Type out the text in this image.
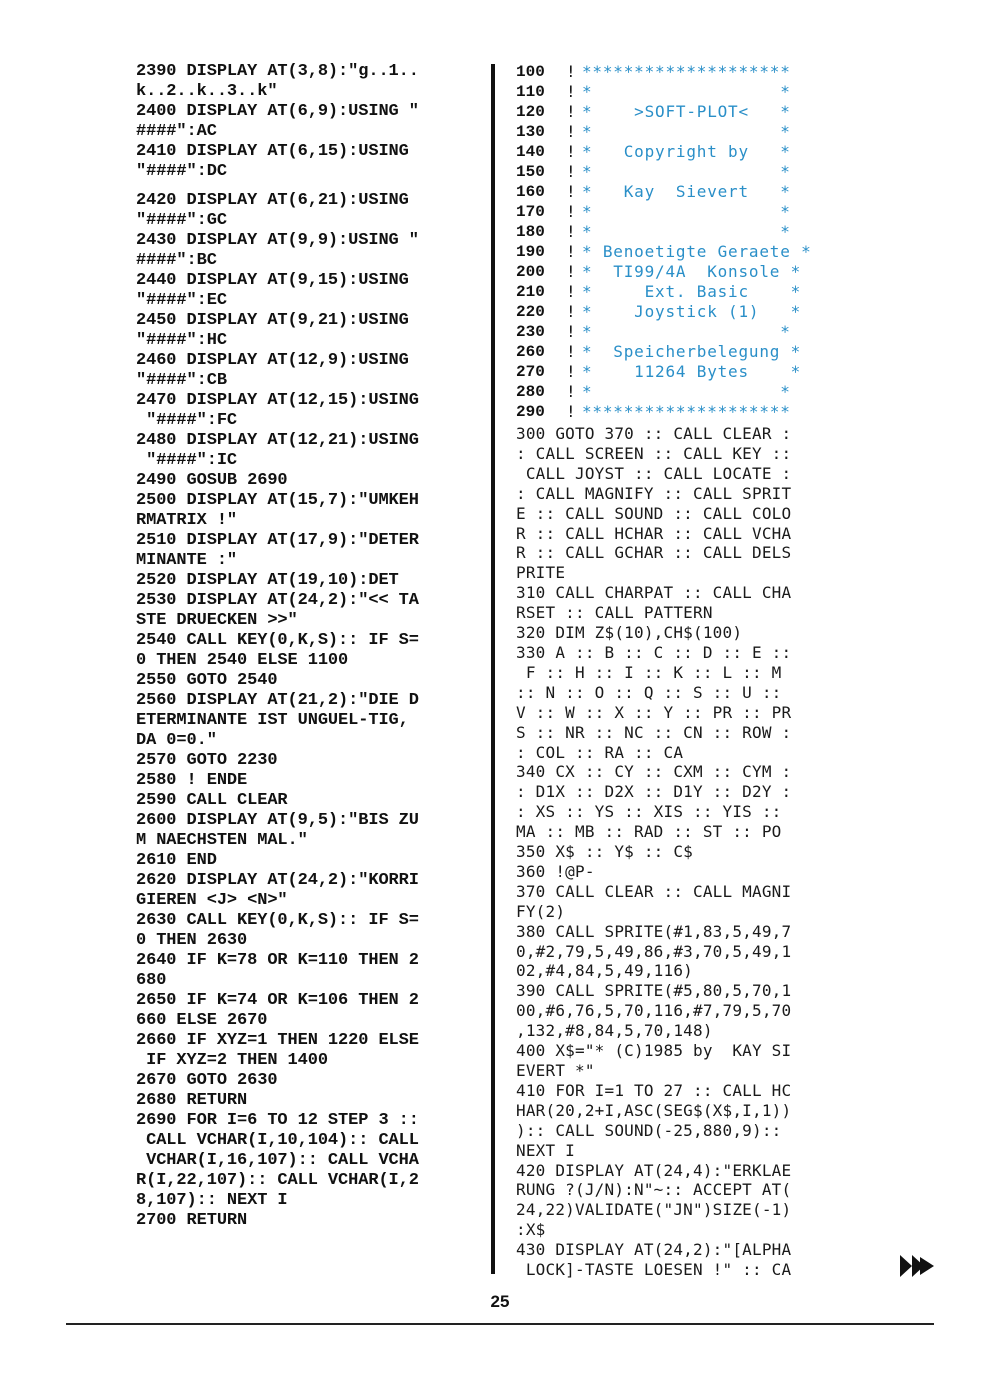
2390 DISPLAY AT(3,8):"g..1..
k..2..k..3..k"
2400 DISPLAY AT(6,9):USING "
####":AC
2410 DISPLAY AT(6,15):USING
"####":DC
2420 DISPLAY AT(6,21):USING
"####":GC
2430 DISPLAY AT(9,9):USING "
####":BC
2440 DISPLAY AT(9,15):USING
"####":EC
2450 DISPLAY AT(9,21):USING
"####":HC
2460 DISPLAY AT(12,9):USING
"####":CB
2470 DISPLAY AT(12,15):USING
"####":FC
2480 DISPLAY AT(12,21):USING
"####":IC
2490 GOSUB 2690
2500 DISPLAY AT(15,7):"UMKEH
RMATRIX !"
2510 DISPLAY AT(17,9):"DETER
MINANTE :"
2520 DISPLAY AT(19,10):DET
2530 DISPLAY AT(24,2):"<< TA
STE DRUECKEN >>"
2540 CALL KEY(0,K,S):: IF S=
0 THEN 2540 ELSE 1100
2550 GOTO 2540
2560 DISPLAY AT(21,2):"DIE D
ETERMINANTE IST UNGUEL-TIG,
DA 0=0."
2570 GOTO 2230
2580 ! ENDE
2590 CALL CLEAR
2600 DISPLAY AT(9,5):"BIS ZU
M NAECHSTEN MAL."
2610 END
2620 DISPLAY AT(24,2):"KORRI
GIEREN <J> <N>"
2630 CALL KEY(0,K,S):: IF S=
0 THEN 2630
2640 IF K=78 OR K=110 THEN 2
680
2650 IF K=74 OR K=106 THEN 2
660 ELSE 2670
2660 IF XYZ=1 THEN 1220 ELSE
IF XYZ=2 THEN 1400
2670 GOTO 2630
2680 RETURN
2690 FOR I=6 TO 12 STEP 3 ::
CALL VCHAR(I,10,104):: CALL
VCHAR(I,16,107):: CALL VCHA
R(I,22,107):: CALL VCHAR(I,2
8,107):: NEXT I
2700 RETURN
100	! ********************
110	! *                  *
120	! *    >SOFT-PLOT<   *
130	! *                  *
140	! *   Copyright by   *
150	! *                  *
160	! *   Kay  Sievert   *
170	! *                  *
180	! *                  *
190	! * Benoetigte Geraete *
200	! *  TI99/4A  Konsole *
210	! *     Ext. Basic    *
220	! *    Joystick (1)   *
230	! *                  *
260	! *  Speicherbelegung *
270	! *    11264 Bytes    *
280	! *                  *
290	! ********************
300 GOTO 370 :: CALL CLEAR :
: CALL SCREEN :: CALL KEY ::
CALL JOYST :: CALL LOCATE :
: CALL MAGNIFY :: CALL SPRIT
E :: CALL SOUND :: CALL COLO
R :: CALL HCHAR :: CALL VCHA
R :: CALL GCHAR :: CALL DELS
PRITE
310 CALL CHARPAT :: CALL CHA
RSET :: CALL PATTERN
320 DIM Z$(10),CH$(100)
330 A :: B :: C :: D :: E ::
F :: H :: I :: K :: L :: M
:: N :: O :: Q :: S :: U ::
V :: W :: X :: Y :: PR :: PR
S :: NR :: NC :: CN :: ROW :
: COL :: RA :: CA
340 CX :: CY :: CXM :: CYM :
: D1X :: D2X :: D1Y :: D2Y :
: XS :: YS :: XIS :: YIS ::
MA :: MB :: RAD :: ST :: PO
350 X$ :: Y$ :: C$
360 !@P-
370 CALL CLEAR :: CALL MAGNI
FY(2)
380 CALL SPRITE(#1,83,5,49,7
0,#2,79,5,49,86,#3,70,5,49,1
02,#4,84,5,49,116)
390 CALL SPRITE(#5,80,5,70,1
00,#6,76,5,70,116,#7,79,5,70
,132,#8,84,5,70,148)
400 X$="* (C)1985 by  KAY SI
EVERT *"
410 FOR I=1 TO 27 :: CALL HC
HAR(20,2+I,ASC(SEG$(X$,I,1))
):: CALL SOUND(-25,880,9)::
NEXT I
420 DISPLAY AT(24,4):"ERKLAE
RUNG ?(J/N):N"~:: ACCEPT AT(
24,22)VALIDATE("JN")SIZE(-1)
:X$
430 DISPLAY AT(24,2):"[ALPHA
LOCK]-TASTE LOESEN !" :: CA
25
